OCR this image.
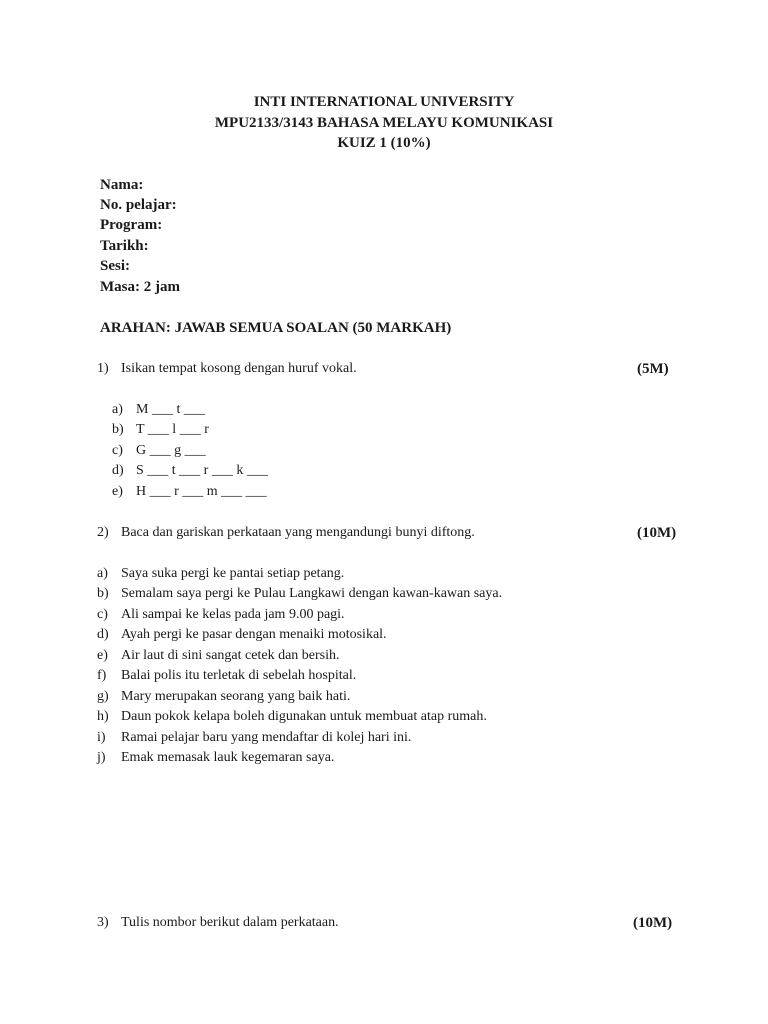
INTI INTERNATIONAL UNIVERSITY
MPU2133/3143 BAHASA MELAYU KOMUNIKASI
KUIZ 1 (10%)
Nama:
No. pelajar:
Program:
Tarikh:
Sesi:
Masa: 2 jam
ARAHAN: JAWAB SEMUA SOALAN (50 MARKAH)
1) Isikan tempat kosong dengan huruf vokal.	(5M)
a) M ___ t ___
b) T ___ l ___ r
c) G ___ g ___
d) S ___ t ___ r ___ k ___
e) H ___ r ___ m ___ ___
2) Baca dan gariskan perkataan yang mengandungi bunyi diftong.	(10M)
a) Saya suka pergi ke pantai setiap petang.
b) Semalam saya pergi ke Pulau Langkawi dengan kawan-kawan saya.
c) Ali sampai ke kelas pada jam 9.00 pagi.
d) Ayah pergi ke pasar dengan menaiki motosikal.
e) Air laut di sini sangat cetek dan bersih.
f) Balai polis itu terletak di sebelah hospital.
g) Mary merupakan seorang yang baik hati.
h) Daun pokok kelapa boleh digunakan untuk membuat atap rumah.
i) Ramai pelajar baru yang mendaftar di kolej hari ini.
j) Emak memasak lauk kegemaran saya.
3) Tulis nombor berikut dalam perkataan.	(10M)
